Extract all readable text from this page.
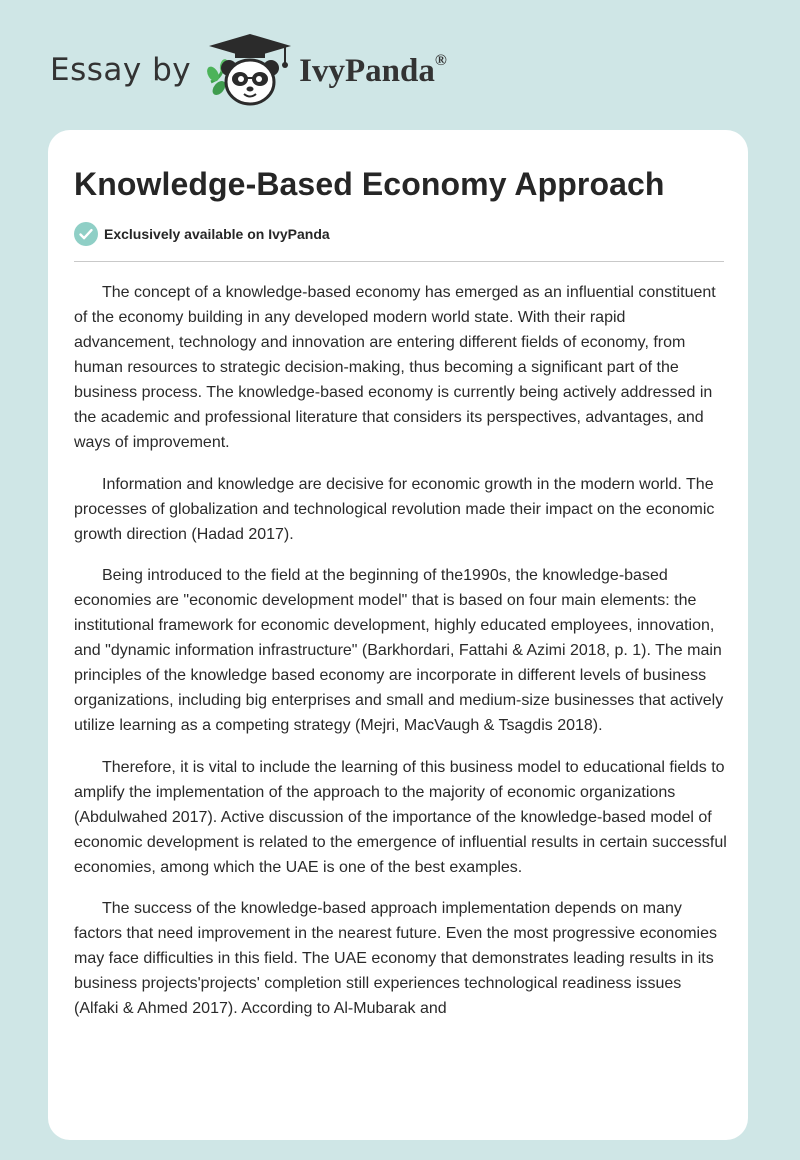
Essay by	IvyPanda®
Knowledge-Based Economy Approach
Exclusively available on IvyPanda

The concept of a knowledge-based economy has emerged as an influential constituent of the economy building in any developed modern world state. With their rapid advancement, technology and innovation are entering different fields of economy, from human resources to strategic decision-making, thus becoming a significant part of the business process. The knowledge-based economy is currently being actively addressed in the academic and professional literature that considers its perspectives, advantages, and ways of improvement.

Information and knowledge are decisive for economic growth in the modern world. The processes of globalization and technological revolution made their impact on the economic growth direction (Hadad 2017).

Being introduced to the field at the beginning of the1990s, the knowledge-based economies are "economic development model" that is based on four main elements: the institutional framework for economic development, highly educated employees, innovation, and "dynamic information infrastructure" (Barkhordari, Fattahi & Azimi 2018, p. 1). The main principles of the knowledge based economy are incorporate in different levels of business organizations, including big enterprises and small and medium-size businesses that actively utilize learning as a competing strategy (Mejri, MacVaugh & Tsagdis 2018).

Therefore, it is vital to include the learning of this business model to educational fields to amplify the implementation of the approach to the majority of economic organizations (Abdulwahed 2017). Active discussion of the importance of the knowledge-based model of economic development is related to the emergence of influential results in certain successful economies, among which the UAE is one of the best examples.

The success of the knowledge-based approach implementation depends on many factors that need improvement in the nearest future. Even the most progressive economies may face difficulties in this field. The UAE economy that demonstrates leading results in its business projects'projects' completion still experiences technological readiness issues (Alfaki & Ahmed 2017). According to Al-Mubarak and
